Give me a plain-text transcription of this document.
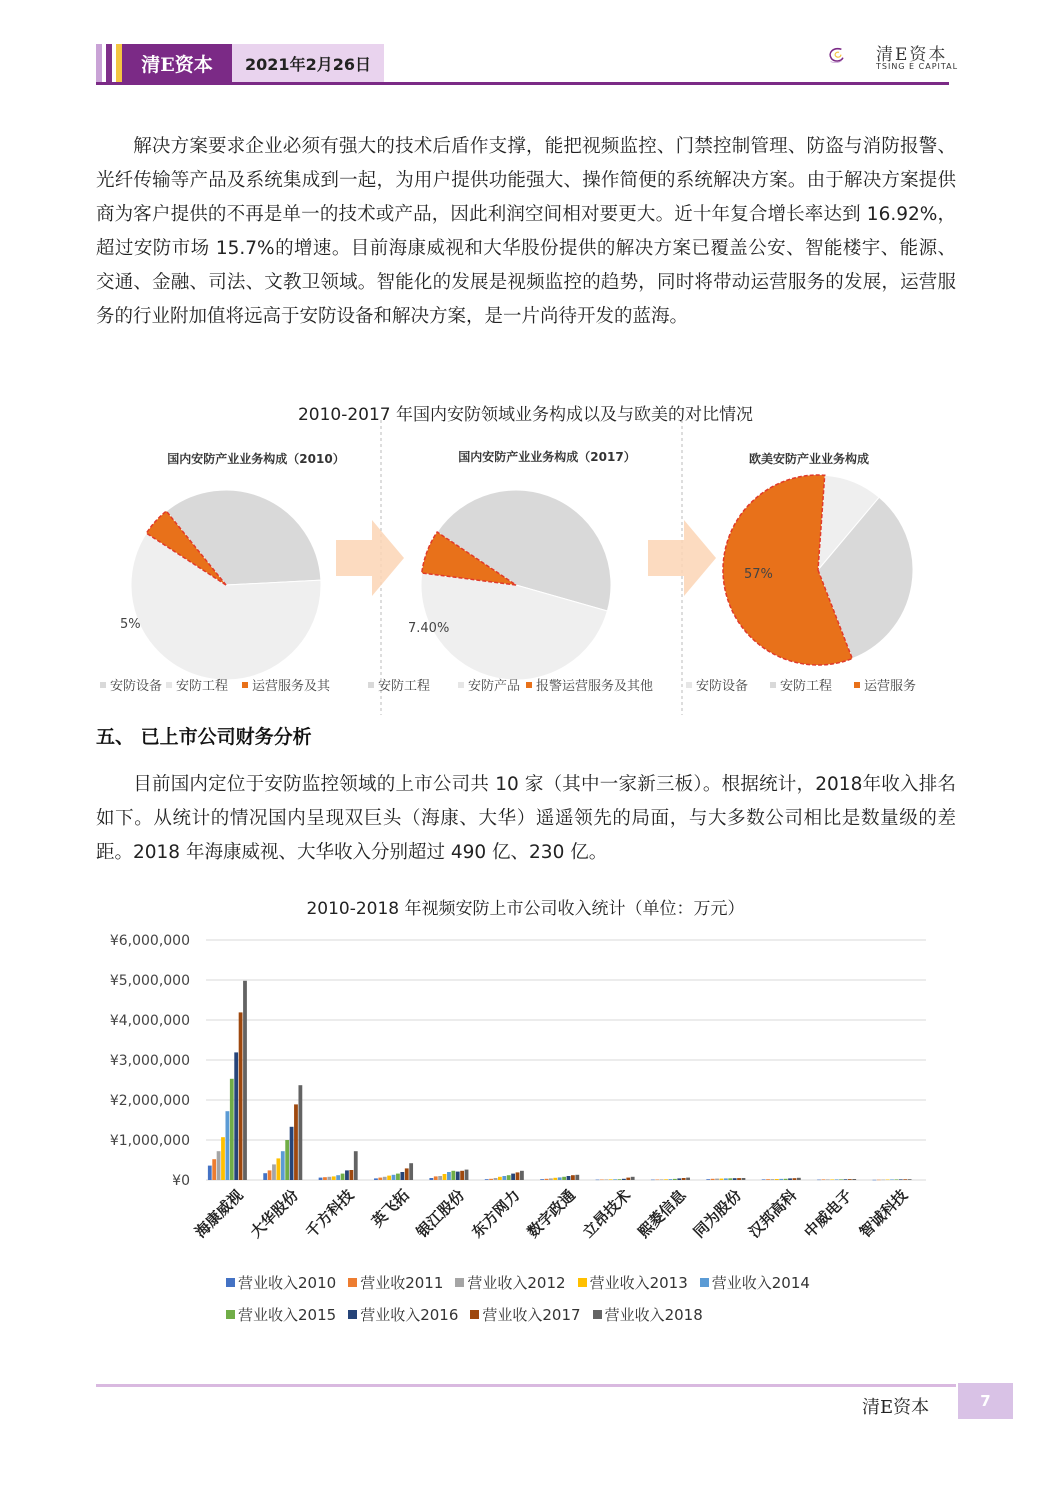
清E资本	2021年2月26日	清E资本
TSING E CAPITAL
解决方案要求企业必须有强大的技术后盾作支撑，能把视频监控、门禁控制管理、防盗与消防报警、光纤传输等产品及系统集成到一起，为用户提供功能强大、操作简便的系统解决方案。由于解决方案提供商为客户提供的不再是单一的技术或产品，因此利润空间相对要更大。近十年复合增长率达到 16.92%，超过安防市场 15.7%的增速。目前海康威视和大华股份提供的解决方案已覆盖公安、智能楼宇、能源、交通、金融、司法、文教卫领域。智能化的发展是视频监控的趋势，同时将带动运营服务的发展，运营服务的行业附加值将远高于安防设备和解决方案，是一片尚待开发的蓝海。
2010-2017 年国内安防领域业务构成以及与欧美的对比情况
国内安防产业业务构成（2010）	国内安防产业业务构成（2017）	欧美安防产业业务构成
5%	7.40%
57%
安防设备 安防工程 运营服务及其	安防工程	安防产品 报警运营服务及其他	安防设备 安防工程 运营服务
五、 已上市公司财务分析
目前国内定位于安防监控领域的上市公司共 10 家（其中一家新三板）。根据统计，2018年收入排名如下。从统计的情况国内呈现双巨头（海康、大华）遥遥领先的局面，与大多数公司相比是数量级的差距。2018 年海康威视、大华收入分别超过 490 亿、230 亿。
2010-2018 年视频安防上市公司收入统计（单位：万元）
¥0
¥1,000,000
¥2,000,000
¥3,000,000
¥4,000,000
¥5,000,000
¥6,000,000
海康威视 大华股份 千方科技 英飞拓 银江股份 东方网力 数字政通 立昂技术 熙菱信息 同为股份 汉邦高科 中威电子 智诚科技
营业收入2010 营业收2011 营业收入2012 营业收入2013 营业收入2014
营业收入2015 营业收入2016 营业收入2017 营业收入2018
清E资本	7
